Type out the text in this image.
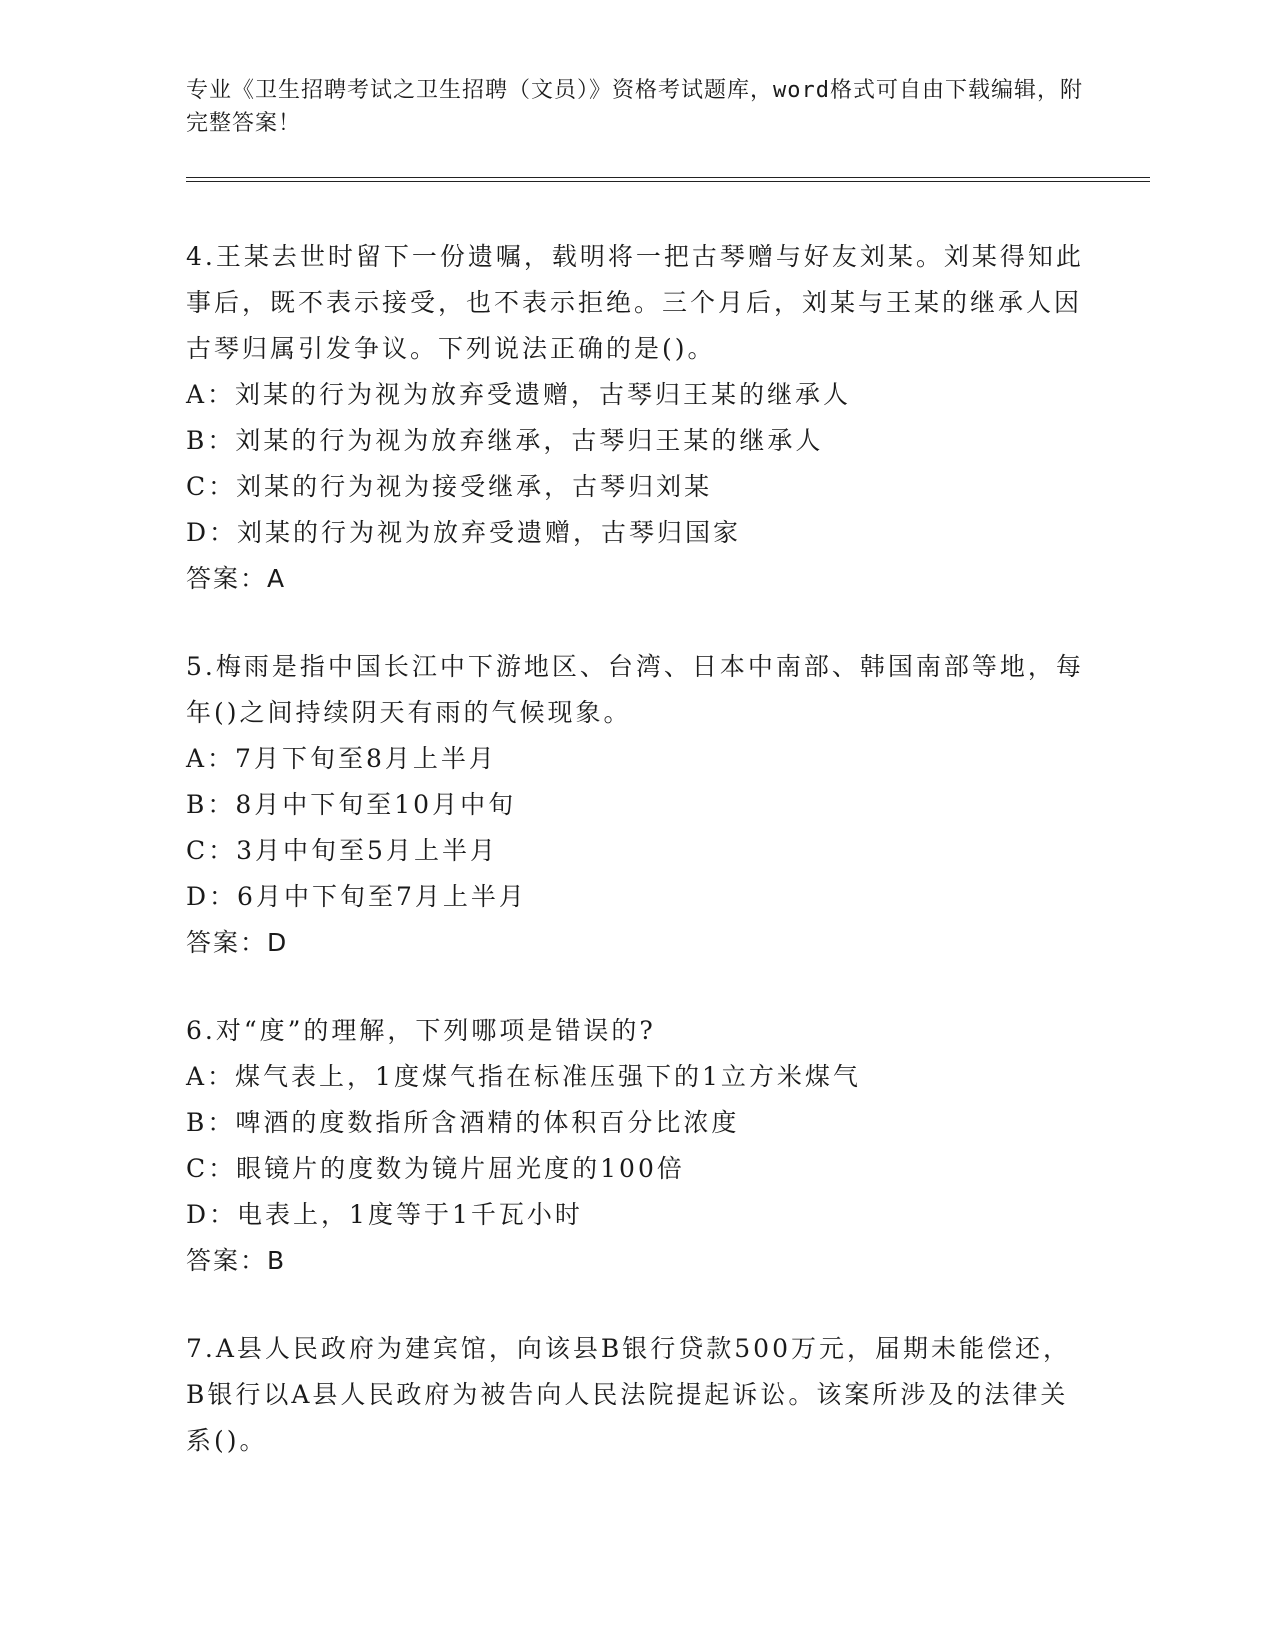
专业《卫生招聘考试之卫生招聘（文员）》资格考试题库，word格式可自由下载编辑，附完整答案！

4.王某去世时留下一份遗嘱，载明将一把古琴赠与好友刘某。刘某得知此事后，既不表示接受，也不表示拒绝。三个月后，刘某与王某的继承人因古琴归属引发争议。下列说法正确的是()。

A：刘某的行为视为放弃受遗赠，古琴归王某的继承人

B：刘某的行为视为放弃继承，古琴归王某的继承人

C：刘某的行为视为接受继承，古琴归刘某

D：刘某的行为视为放弃受遗赠，古琴归国家

答案：A

5.梅雨是指中国长江中下游地区、台湾、日本中南部、韩国南部等地，每年()之间持续阴天有雨的气候现象。

A：7月下旬至8月上半月

B：8月中下旬至10月中旬

C：3月中旬至5月上半月

D：6月中下旬至7月上半月

答案：D

6.对“度”的理解，下列哪项是错误的?

A：煤气表上，1度煤气指在标准压强下的1立方米煤气

B：啤酒的度数指所含酒精的体积百分比浓度

C：眼镜片的度数为镜片屈光度的100倍

D：电表上，1度等于1千瓦小时

答案：B

7.A县人民政府为建宾馆，向该县B银行贷款500万元，届期未能偿还，B银行以A县人民政府为被告向人民法院提起诉讼。该案所涉及的法律关系()。
